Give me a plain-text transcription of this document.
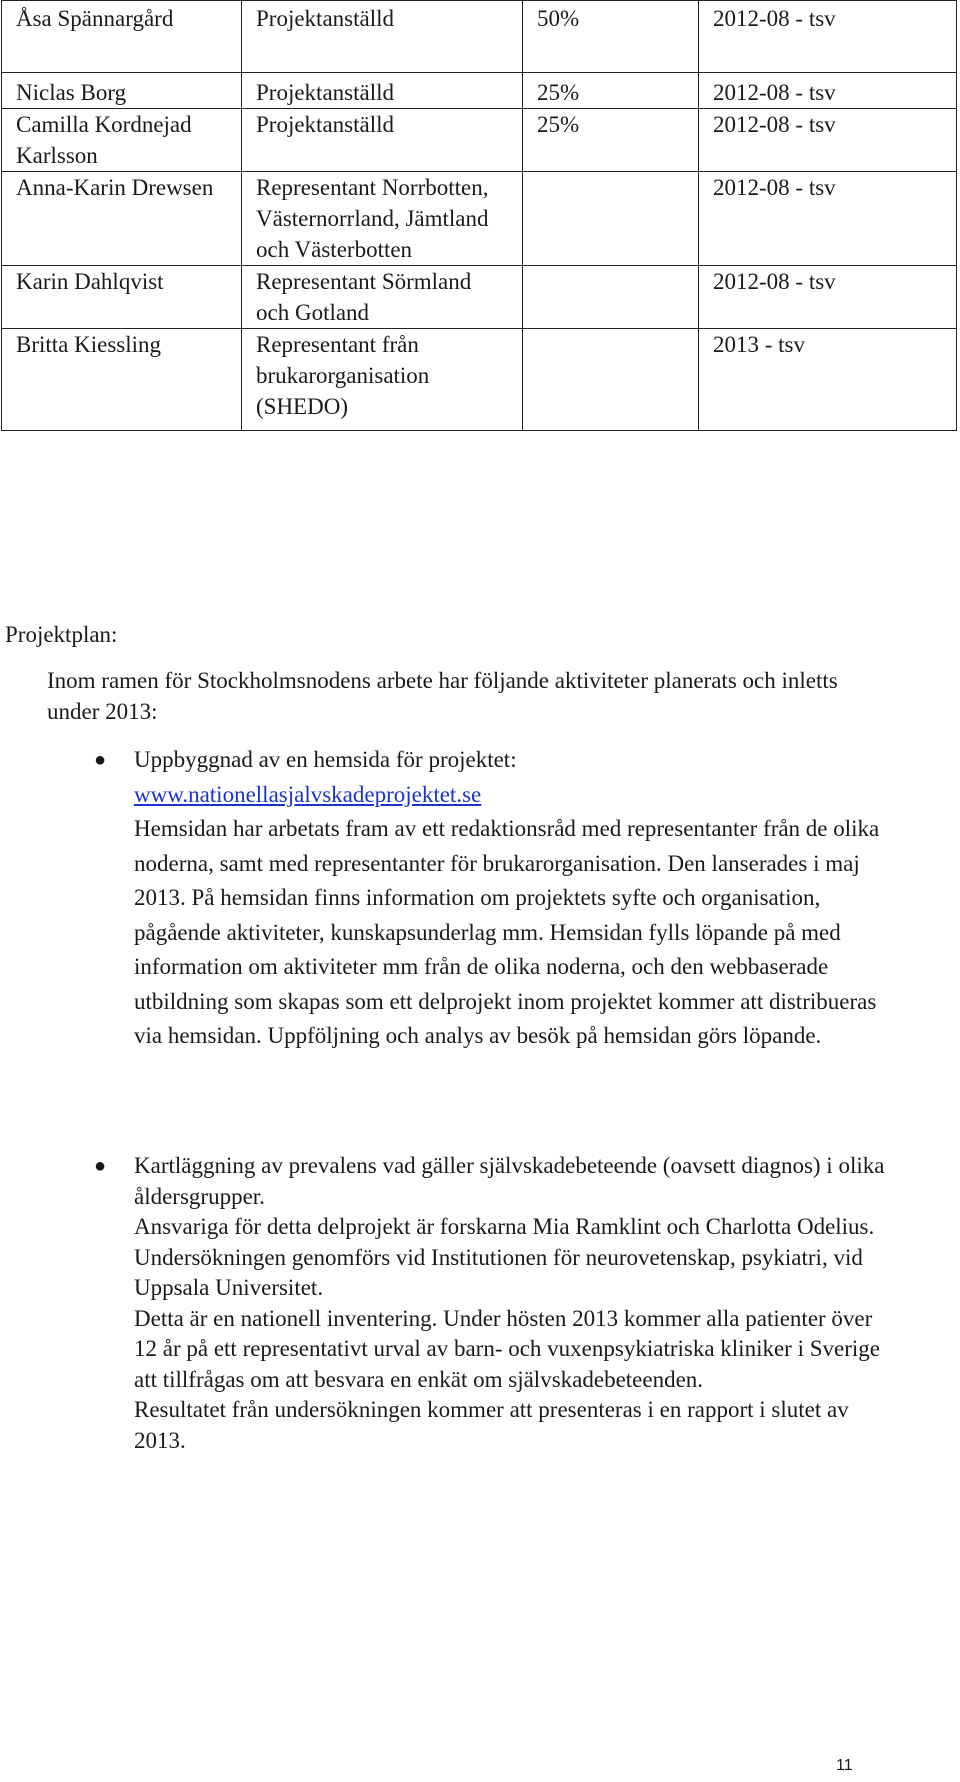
Åsa Spännargård	Projektanställd	50%	2012-08 - tsv
Niclas Borg	Projektanställd	25%	2012-08 - tsv
Camilla Kordnejad Karlsson	Projektanställd	25%	2012-08 - tsv
Anna-Karin Drewsen	Representant Norrbotten, Västernorrland, Jämtland och Västerbotten		2012-08 - tsv
Karin Dahlqvist	Representant Sörmland och Gotland		2012-08 - tsv
Britta Kiessling	Representant från brukarorganisation (SHEDO)		2013 - tsv
Projektplan:
Inom ramen för Stockholmsnodens arbete har följande aktiviteter planerats och inletts under 2013:
● Uppbyggnad av en hemsida för projektet:
www.nationellasjalvskadeprojektet.se
Hemsidan har arbetats fram av ett redaktionsråd med representanter från de olika noderna, samt med representanter för brukarorganisation. Den lanserades i maj 2013. På hemsidan finns information om projektets syfte och organisation, pågående aktiviteter, kunskapsunderlag mm. Hemsidan fylls löpande på med information om aktiviteter mm från de olika noderna, och den webbaserade utbildning som skapas som ett delprojekt inom projektet kommer att distribueras via hemsidan. Uppföljning och analys av besök på hemsidan görs löpande.
● Kartläggning av prevalens vad gäller självskadebeteende (oavsett diagnos) i olika åldersgrupper.

Ansvariga för detta delprojekt är forskarna Mia Ramklint och Charlotta Odelius.

Undersökningen genomförs vid Institutionen för neurovetenskap, psykiatri, vid Uppsala Universitet.

Detta är en nationell inventering. Under hösten 2013 kommer alla patienter över 12 år på ett representativt urval av barn- och vuxenpsykiatriska kliniker i Sverige att tillfrågas om att besvara en enkät om självskadebeteenden.

Resultatet från undersökningen kommer att presenteras i en rapport i slutet av 2013.

11
